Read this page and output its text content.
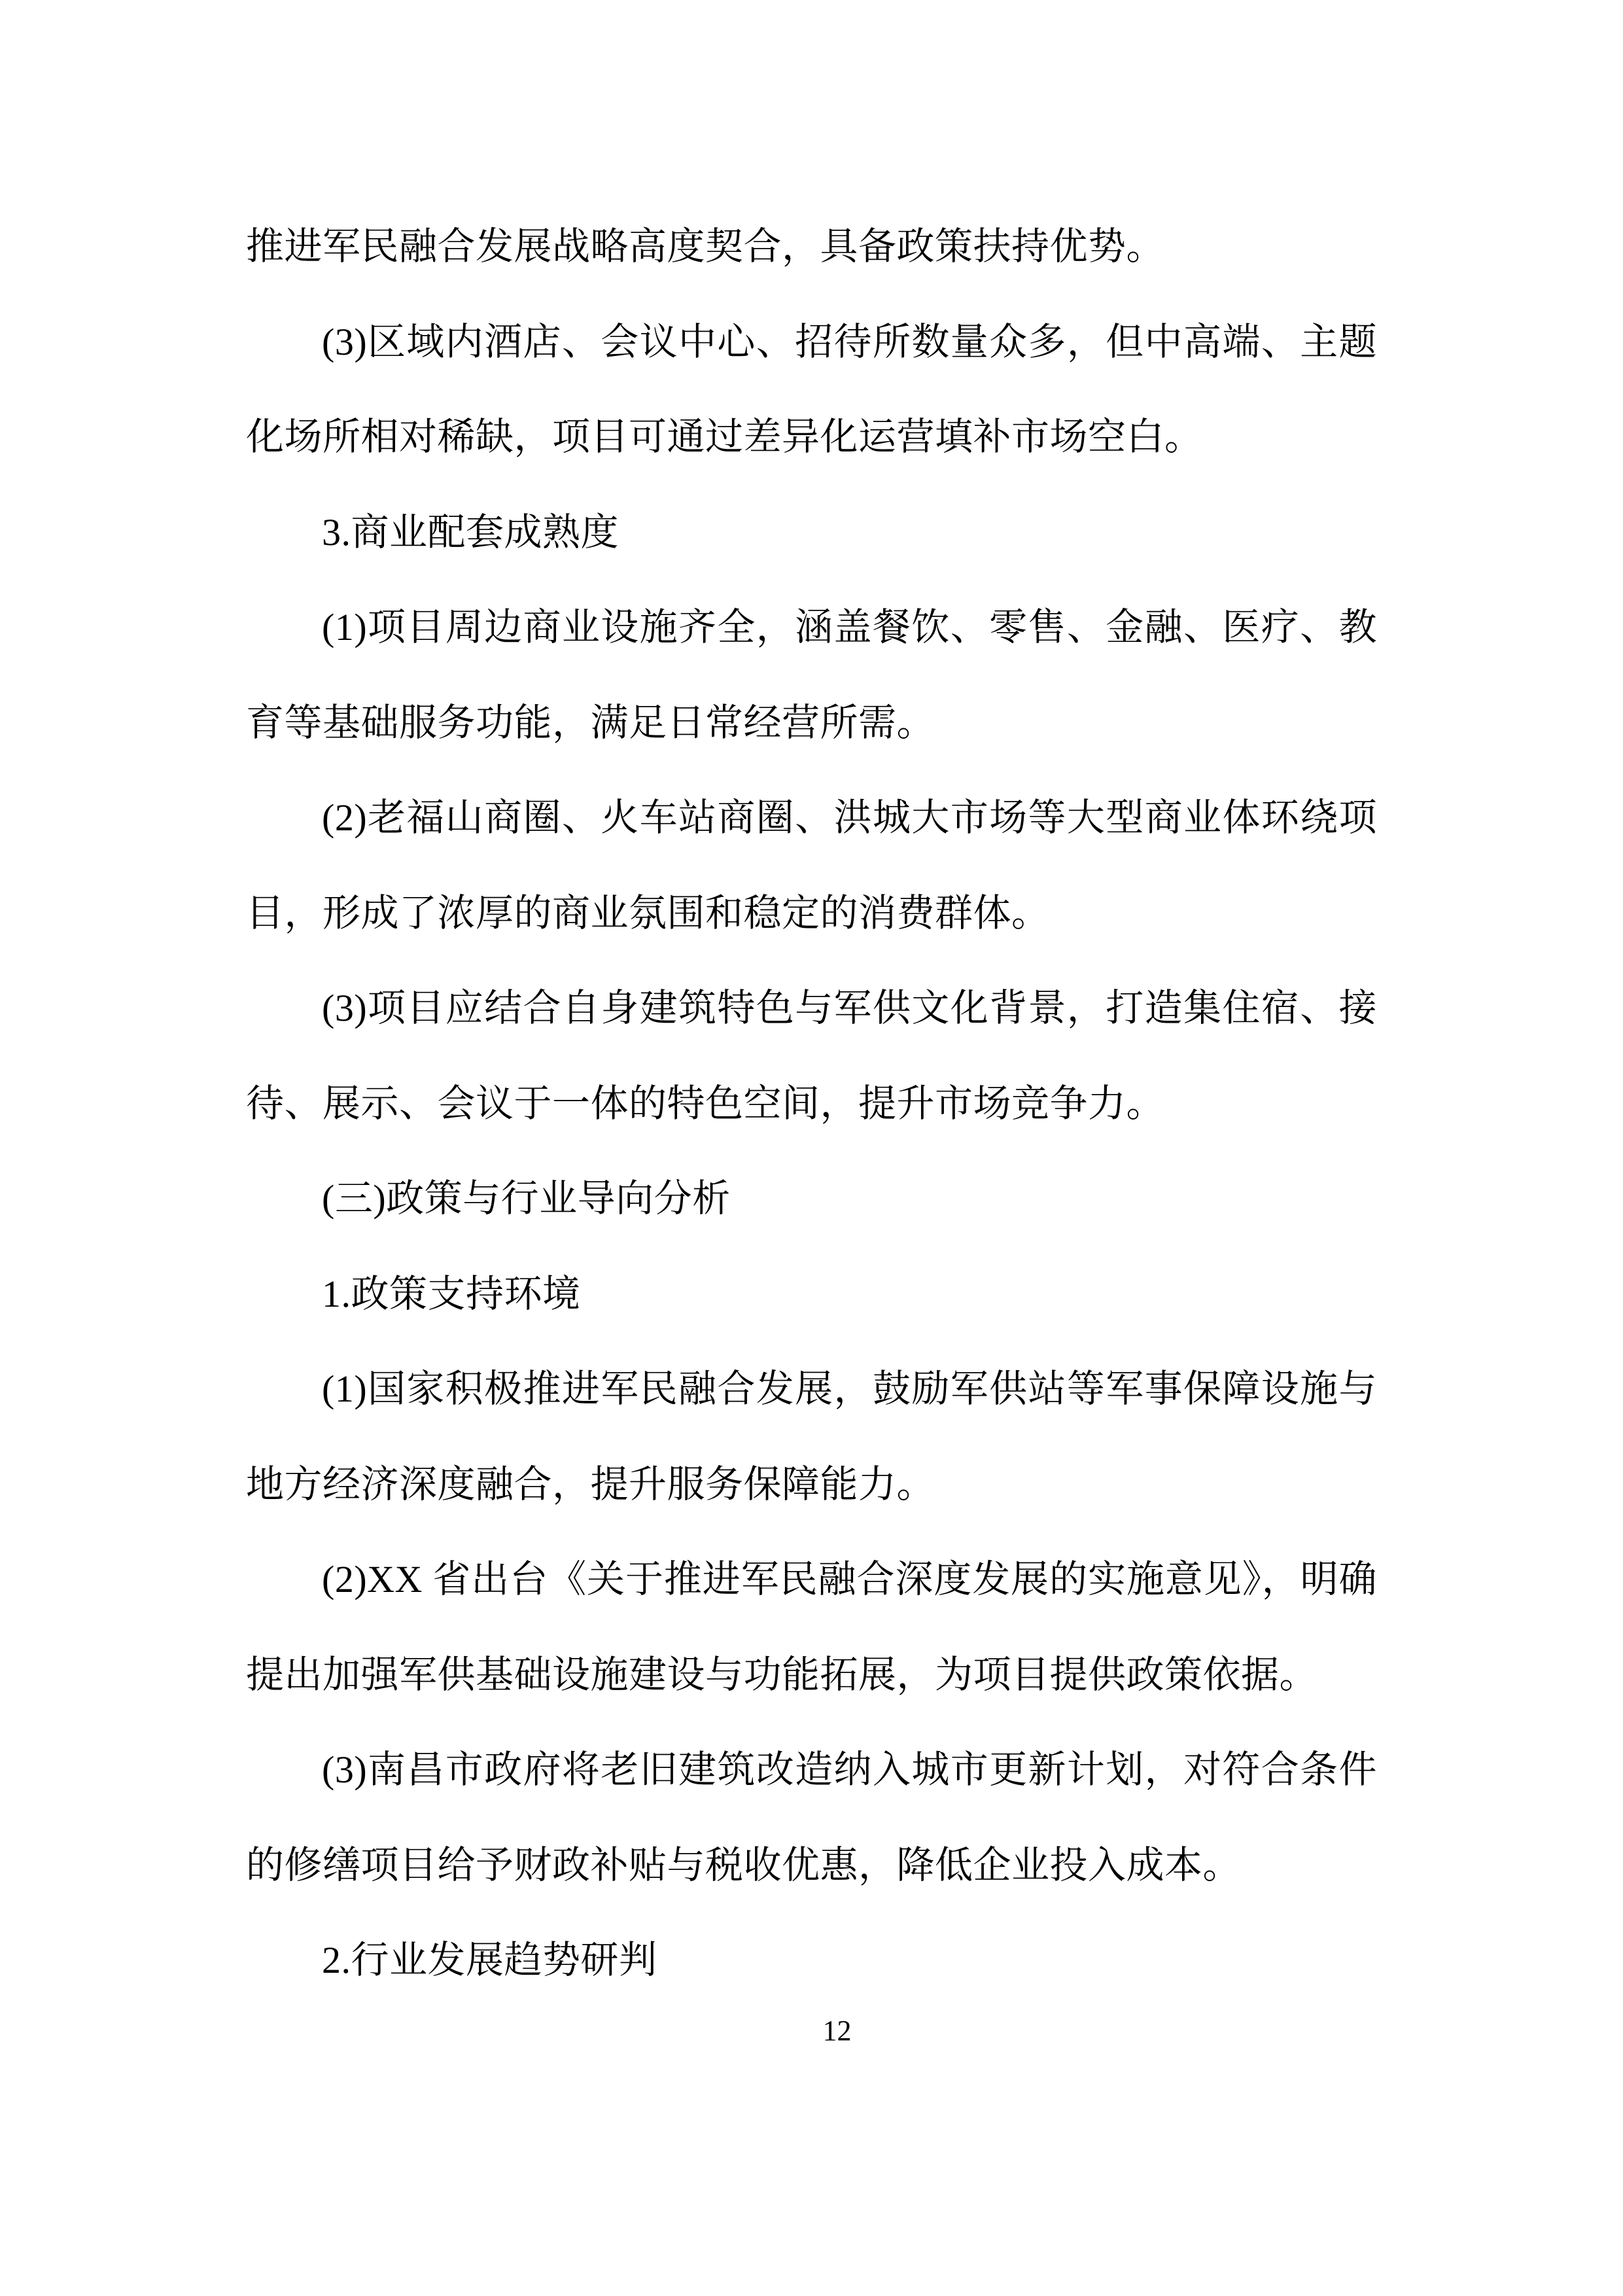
推进军民融合发展战略高度契合，具备政策扶持优势。
(3)区域内酒店、会议中心、招待所数量众多，但中高端、主题
化场所相对稀缺，项目可通过差异化运营填补市场空白。
3.商业配套成熟度
(1)项目周边商业设施齐全，涵盖餐饮、零售、金融、医疗、教
育等基础服务功能，满足日常经营所需。
(2)老福山商圈、火车站商圈、洪城大市场等大型商业体环绕项
目，形成了浓厚的商业氛围和稳定的消费群体。
(3)项目应结合自身建筑特色与军供文化背景，打造集住宿、接
待、展示、会议于一体的特色空间，提升市场竞争力。
(三)政策与行业导向分析
1.政策支持环境
(1)国家积极推进军民融合发展，鼓励军供站等军事保障设施与
地方经济深度融合，提升服务保障能力。
(2)XX 省出台《关于推进军民融合深度发展的实施意见》，明确
提出加强军供基础设施建设与功能拓展，为项目提供政策依据。
(3)南昌市政府将老旧建筑改造纳入城市更新计划，对符合条件
的修缮项目给予财政补贴与税收优惠，降低企业投入成本。
2.行业发展趋势研判
12
